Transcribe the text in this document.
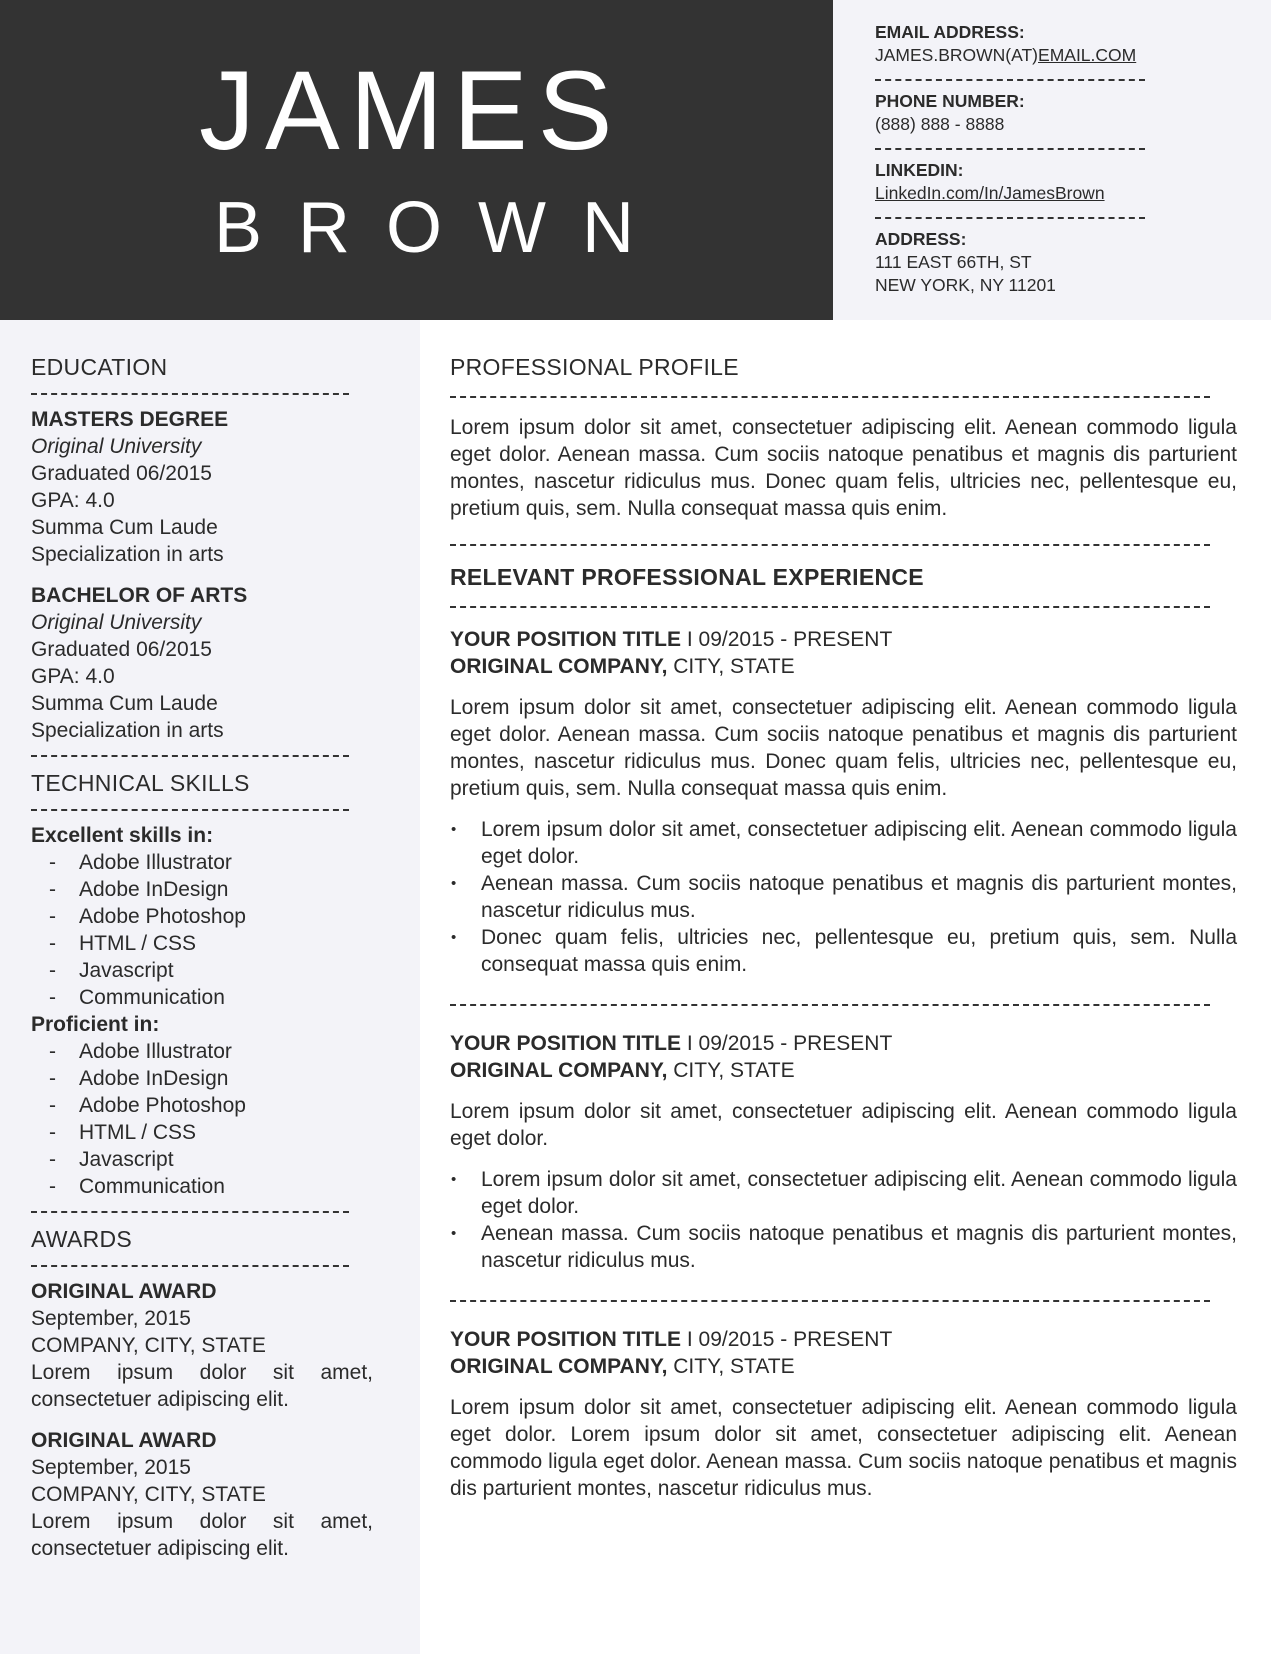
JAMES
BROWN
EMAIL ADDRESS:
JAMES.BROWN(AT)EMAIL.COM
PHONE NUMBER:
(888) 888 - 8888
LINKEDIN:
LinkedIn.com/In/JamesBrown
ADDRESS:
111 EAST 66TH, ST
NEW YORK, NY 11201
EDUCATION
MASTERS DEGREE
Original University
Graduated 06/2015
GPA: 4.0
Summa Cum Laude
Specialization in arts
BACHELOR OF ARTS
Original University
Graduated 06/2015
GPA: 4.0
Summa Cum Laude
Specialization in arts
TECHNICAL SKILLS
Excellent skills in:
- Adobe Illustrator
- Adobe InDesign
- Adobe Photoshop
- HTML / CSS
- Javascript
- Communication
Proficient in:
- Adobe Illustrator
- Adobe InDesign
- Adobe Photoshop
- HTML / CSS
- Javascript
- Communication
AWARDS
ORIGINAL AWARD
September, 2015
COMPANY, CITY, STATE
Lorem ipsum dolor sit amet, consectetuer adipiscing elit.
ORIGINAL AWARD
September, 2015
COMPANY, CITY, STATE
Lorem ipsum dolor sit amet, consectetuer adipiscing elit.
PROFESSIONAL PROFILE
Lorem ipsum dolor sit amet, consectetuer adipiscing elit. Aenean commodo ligula eget dolor. Aenean massa. Cum sociis natoque penatibus et magnis dis parturient montes, nascetur ridiculus mus. Donec quam felis, ultricies nec, pellentesque eu, pretium quis, sem. Nulla consequat massa quis enim.
RELEVANT PROFESSIONAL EXPERIENCE
YOUR POSITION TITLE I 09/2015 - PRESENT
ORIGINAL COMPANY, CITY, STATE
Lorem ipsum dolor sit amet, consectetuer adipiscing elit. Aenean commodo ligula eget dolor. Aenean massa. Cum sociis natoque penatibus et magnis dis parturient montes, nascetur ridiculus mus. Donec quam felis, ultricies nec, pellentesque eu, pretium quis, sem. Nulla consequat massa quis enim.
• Lorem ipsum dolor sit amet, consectetuer adipiscing elit. Aenean commodo ligula eget dolor.
• Aenean massa. Cum sociis natoque penatibus et magnis dis parturient montes, nascetur ridiculus mus.
• Donec quam felis, ultricies nec, pellentesque eu, pretium quis, sem. Nulla consequat massa quis enim.
YOUR POSITION TITLE I 09/2015 - PRESENT
ORIGINAL COMPANY, CITY, STATE
Lorem ipsum dolor sit amet, consectetuer adipiscing elit. Aenean commodo ligula eget dolor.
• Lorem ipsum dolor sit amet, consectetuer adipiscing elit. Aenean commodo ligula eget dolor.
• Aenean massa. Cum sociis natoque penatibus et magnis dis parturient montes, nascetur ridiculus mus.
YOUR POSITION TITLE I 09/2015 - PRESENT
ORIGINAL COMPANY, CITY, STATE
Lorem ipsum dolor sit amet, consectetuer adipiscing elit. Aenean commodo ligula eget dolor. Lorem ipsum dolor sit amet, consectetuer adipiscing elit. Aenean commodo ligula eget dolor. Aenean massa. Cum sociis natoque penatibus et magnis dis parturient montes, nascetur ridiculus mus.
